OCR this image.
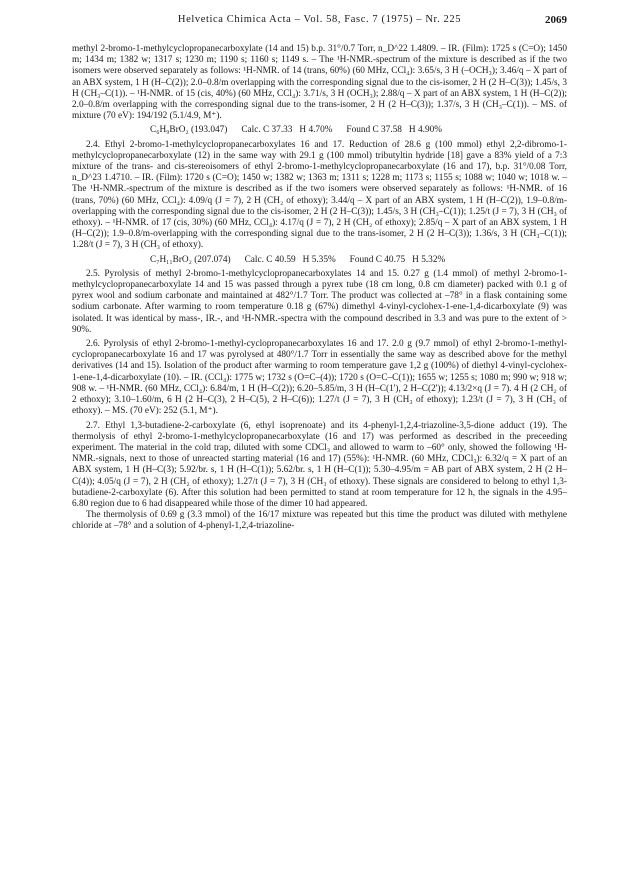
Helvetica Chimica Acta – Vol. 58, Fasc. 7 (1975) – Nr. 225	2069

methyl 2-bromo-1-methylcyclopropanecarboxylate (14 and 15) b.p. 31°/0.7 Torr, n_D^22 1.4809. – IR. (Film): 1725 s (C=O); 1450 m; 1434 m; 1382 w; 1317 s; 1230 m; 1190 s; 1160 s; 1149 s. – The ¹H-NMR.-spectrum of the mixture is described as if the two isomers were observed separately as follows: ¹H-NMR. of 14 (trans, 60%) (60 MHz, CCl₄): 3.65/s, 3 H (–OCH₃); 3.46/q – X part of an ABX system, 1 H (H–C(2)); 2.0–0.8/m overlapping with the corresponding signal due to the cis-isomer, 2 H (2 H–C(3)); 1.45/s, 3 H (CH₃–C(1)). – ¹H-NMR. of 15 (cis, 40%) (60 MHz, CCl₄): 3.71/s, 3 H (OCH₃); 2.88/q – X part of an ABX system, 1 H (H–C(2)); 2.0–0.8/m overlapping with the corresponding signal due to the trans-isomer, 2 H (2 H–C(3)); 1.37/s, 3 H (CH₃–C(1)). – MS. of mixture (70 eV): 194/192 (5.1/4.9, M⁺).

C₆H₉BrO₂ (193.047)      Calc. C 37.33   H 4.70%      Found C 37.58   H 4.90%

2.4. Ethyl 2-bromo-1-methylcyclopropanecarboxylates 16 and 17. Reduction of 28.6 g (100 mmol) ethyl 2,2-dibromo-1-methylcyclopropanecarboxylate (12) in the same way with 29.1 g (100 mmol) tributyltin hydride [18] gave a 83% yield of a 7:3 mixture of the trans- and cis-stereoisomers of ethyl 2-bromo-1-methylcyclopropanecarboxylate (16 and 17), b.p. 31°/0.08 Torr, n_D^23 1.4710. – IR. (Film): 1720 s (C=O); 1450 w; 1382 w; 1363 m; 1311 s; 1228 m; 1173 s; 1155 s; 1088 w; 1040 w; 1018 w. – The ¹H-NMR.-spectrum of the mixture is described as if the two isomers were observed separately as follows: ¹H-NMR. of 16 (trans, 70%) (60 MHz, CCl₄): 4.09/q (J = 7), 2 H (CH₂ of ethoxy); 3.44/q – X part of an ABX system, 1 H (H–C(2)), 1.9–0.8/m-overlapping with the corresponding signal due to the cis-isomer, 2 H (2 H–C(3)); 1.45/s, 3 H (CH₃–C(1)); 1.25/t (J = 7), 3 H (CH₃ of ethoxy). – ¹H-NMR. of 17 (cis, 30%) (60 MHz, CCl₄): 4.17/q (J = 7), 2 H (CH₂ of ethoxy); 2.85/q – X part of an ABX system, 1 H (H–C(2)); 1.9–0.8/m-overlapping with the corresponding signal due to the trans-isomer, 2 H (2 H–C(3)); 1.36/s, 3 H (CH₃–C(1)); 1.28/t (J = 7), 3 H (CH₃ of ethoxy).

C₇H₁₁BrO₂ (207.074)      Calc. C 40.59   H 5.35%      Found C 40.75   H 5.32%

2.5. Pyrolysis of methyl 2-bromo-1-methylcyclopropanecarboxylates 14 and 15. 0.27 g (1.4 mmol) of methyl 2-bromo-1-methylcyclopropanecarboxylate 14 and 15 was passed through a pyrex tube (18 cm long, 0.8 cm diameter) packed with 0.1 g of pyrex wool and sodium carbonate and maintained at 482°/1.7 Torr. The product was collected at –78° in a flask containing some sodium carbonate. After warming to room temperature 0.18 g (67%) dimethyl 4-vinyl-cyclohex-1-ene-1,4-dicarboxylate (9) was isolated. It was identical by mass-, IR.-, and ¹H-NMR.-spectra with the compound described in 3.3 and was pure to the extent of > 90%.

2.6. Pyrolysis of ethyl 2-bromo-1-methyl-cyclopropanecarboxylates 16 and 17. 2.0 g (9.7 mmol) of ethyl 2-bromo-1-methyl-cyclopropanecarboxylate 16 and 17 was pyrolysed at 480°/1.7 Torr in essentially the same way as described above for the methyl derivatives (14 and 15). Isolation of the product after warming to room temperature gave 1,2 g (100%) of diethyl 4-vinyl-cyclohex-1-ene-1,4-dicarboxylate (10). – IR. (CCl₄): 1775 w; 1732 s (O=C–(4)); 1720 s (O=C–C(1)); 1655 w; 1255 s; 1080 m; 990 w; 918 w; 908 w. – ¹H-NMR. (60 MHz, CCl₄): 6.84/m, 1 H (H–C(2)); 6.20–5.85/m, 3 H (H–C(1'), 2 H–C(2')); 4.13/2×q (J = 7). 4 H (2 CH₂ of 2 ethoxy); 3.10–1.60/m, 6 H (2 H–C(3), 2 H–C(5), 2 H–C(6)); 1.27/t (J = 7), 3 H (CH₃ of ethoxy); 1.23/t (J = 7), 3 H (CH₃ of ethoxy). – MS. (70 eV): 252 (5.1, M⁺).

2.7. Ethyl 1,3-butadiene-2-carboxylate (6, ethyl isoprenoate) and its 4-phenyl-1,2,4-triazoline-3,5-dione adduct (19). The thermolysis of ethyl 2-bromo-1-methylcyclopropanecarboxylate (16 and 17) was performed as described in the preceeding experiment. The material in the cold trap, diluted with some CDCl₃ and allowed to warm to –60° only, showed the following ¹H-NMR.-signals, next to those of unreacted starting material (16 and 17) (55%): ¹H-NMR. (60 MHz, CDCl₃): 6.32/q = X part of an ABX system, 1 H (H–C(3); 5.92/br. s, 1 H (H–C(1)); 5.62/br. s, 1 H (H–C(1)); 5.30–4.95/m = AB part of ABX system, 2 H (2 H–C(4)); 4.05/q (J = 7), 2 H (CH₂ of ethoxy); 1.27/t (J = 7), 3 H (CH₃ of ethoxy). These signals are considered to belong to ethyl 1,3-butadiene-2-carboxylate (6). After this solution had been permitted to stand at room temperature for 12 h, the signals in the 4.95–6.80 region due to 6 had disappeared while those of the dimer 10 had appeared.

The thermolysis of 0.69 g (3.3 mmol) of the 16/17 mixture was repeated but this time the product was diluted with methylene chloride at –78° and a solution of 4-phenyl-1,2,4-triazoline-
